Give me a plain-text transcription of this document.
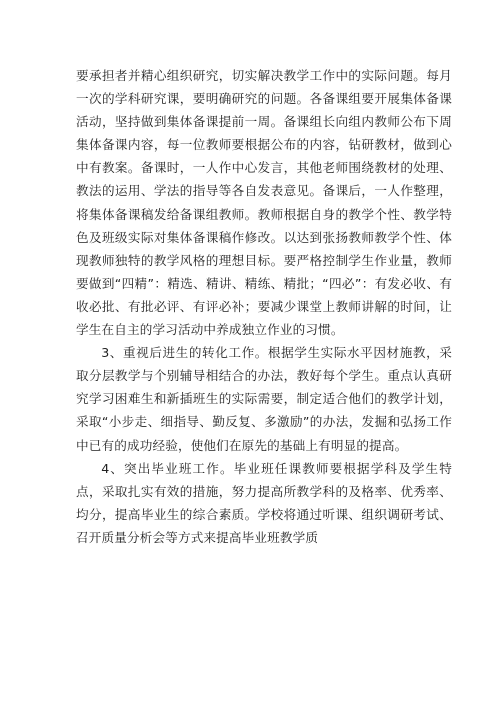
要承担者并精心组织研究，切实解决教学工作中的实际问题。每月一次的学科研究课，要明确研究的问题。各备课组要开展集体备课活动，坚持做到集体备课提前一周。备课组长向组内教师公布下周集体备课内容，每一位教师要根据公布的内容，钻研教材，做到心中有教案。备课时，一人作中心发言，其他老师围绕教材的处理、教法的运用、学法的指导等各自发表意见。备课后，一人作整理，将集体备课稿发给备课组教师。教师根据自身的教学个性、教学特色及班级实际对集体备课稿作修改。以达到张扬教师教学个性、体现教师独特的教学风格的理想目标。要严格控制学生作业量，教师要做到“四精”：精选、精讲、精练、精批；“四必”：有发必收、有收必批、有批必评、有评必补；要减少课堂上教师讲解的时间，让学生在自主的学习活动中养成独立作业的习惯。

3、重视后进生的转化工作。根据学生实际水平因材施教，采取分层教学与个别辅导相结合的办法，教好每个学生。重点认真研究学习困难生和新插班生的实际需要，制定适合他们的教学计划，采取“小步走、细指导、勤反复、多激励”的办法，发掘和弘扬工作中已有的成功经验，使他们在原先的基础上有明显的提高。

4、突出毕业班工作。毕业班任课教师要根据学科及学生特点，采取扎实有效的措施，努力提高所教学科的及格率、优秀率、均分，提高毕业生的综合素质。学校将通过听课、组织调研考试、召开质量分析会等方式来提高毕业班教学质
